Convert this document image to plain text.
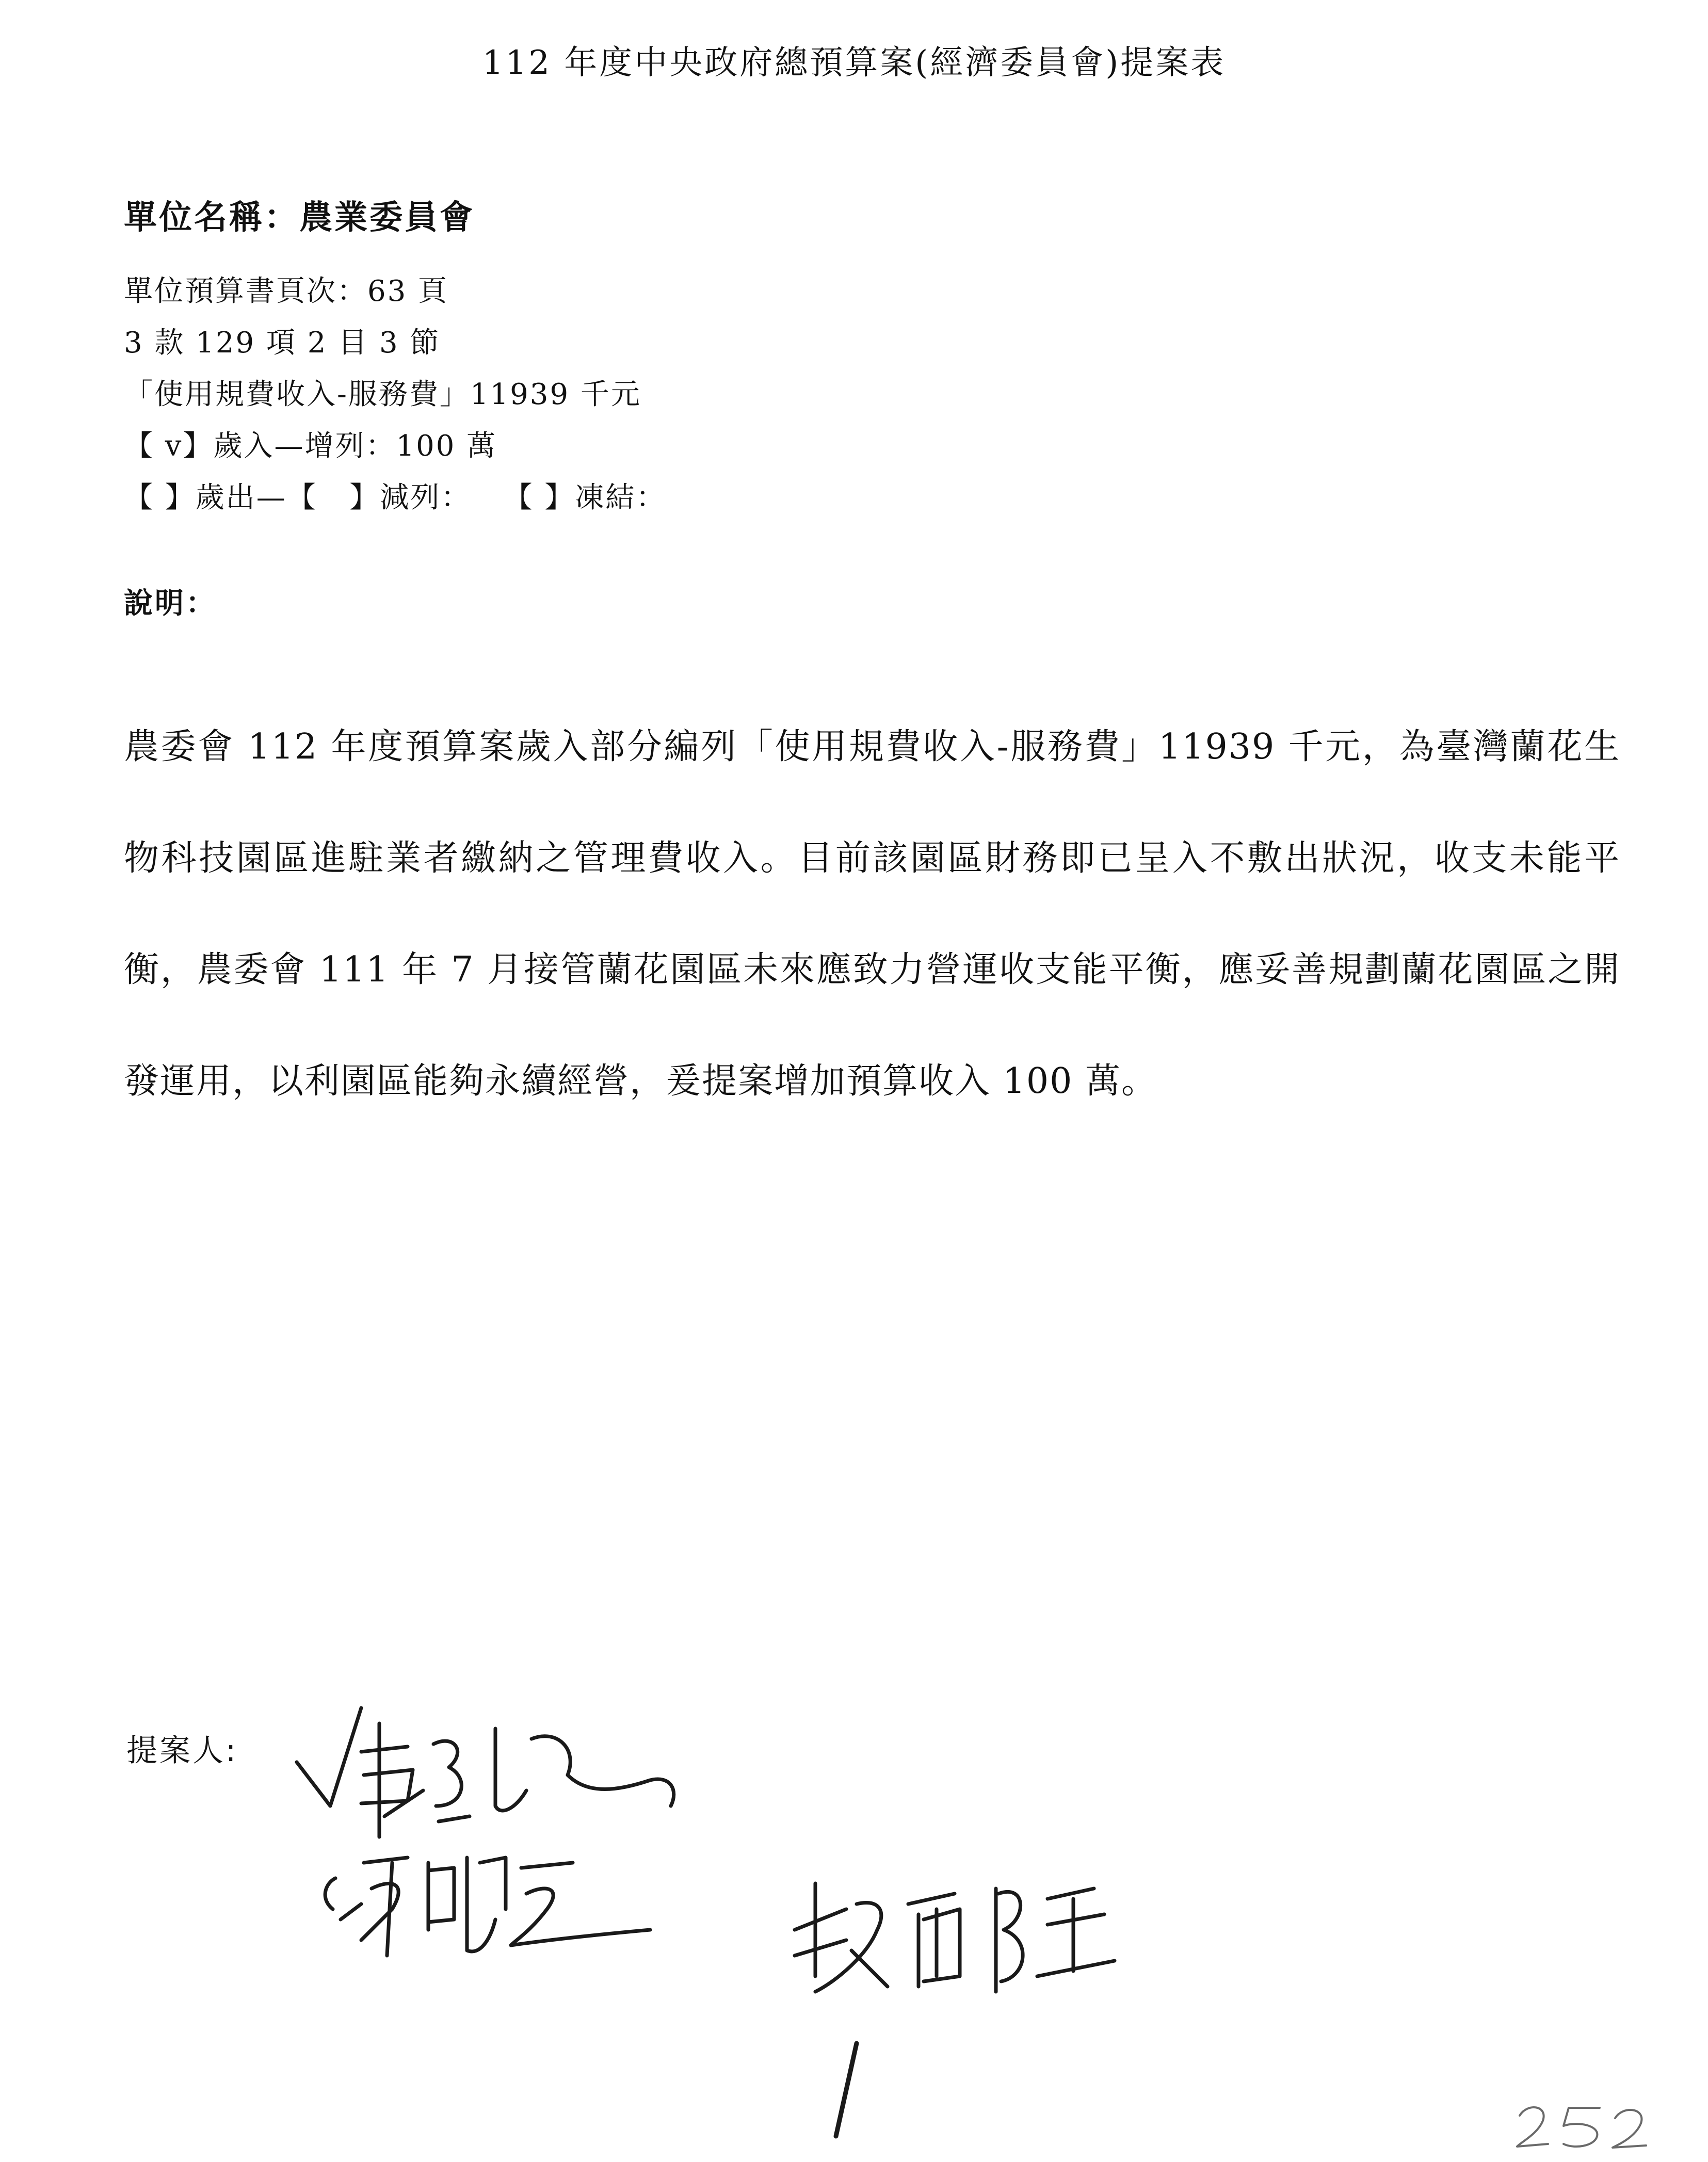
112 年度中央政府總預算案(經濟委員會)提案表
單位名稱：農業委員會
單位預算書頁次：63 頁
3 款 129 項 2 目 3 節
「使用規費收入-服務費」11939 千元
【 v】歲入—增列：100 萬
【 】歲出—【   】減列：   【 】凍結：
說明：
農委會 112 年度預算案歲入部分編列「使用規費收入-服務費」11939 千元，為臺灣蘭花生物科技園區進駐業者繳納之管理費收入。目前該園區財務即已呈入不敷出狀況，收支未能平衡，農委會 111 年 7 月接管蘭花園區未來應致力營運收支能平衡，應妥善規劃蘭花園區之開發運用，以利園區能夠永續經營，爰提案增加預算收入 100 萬。
提案人:
